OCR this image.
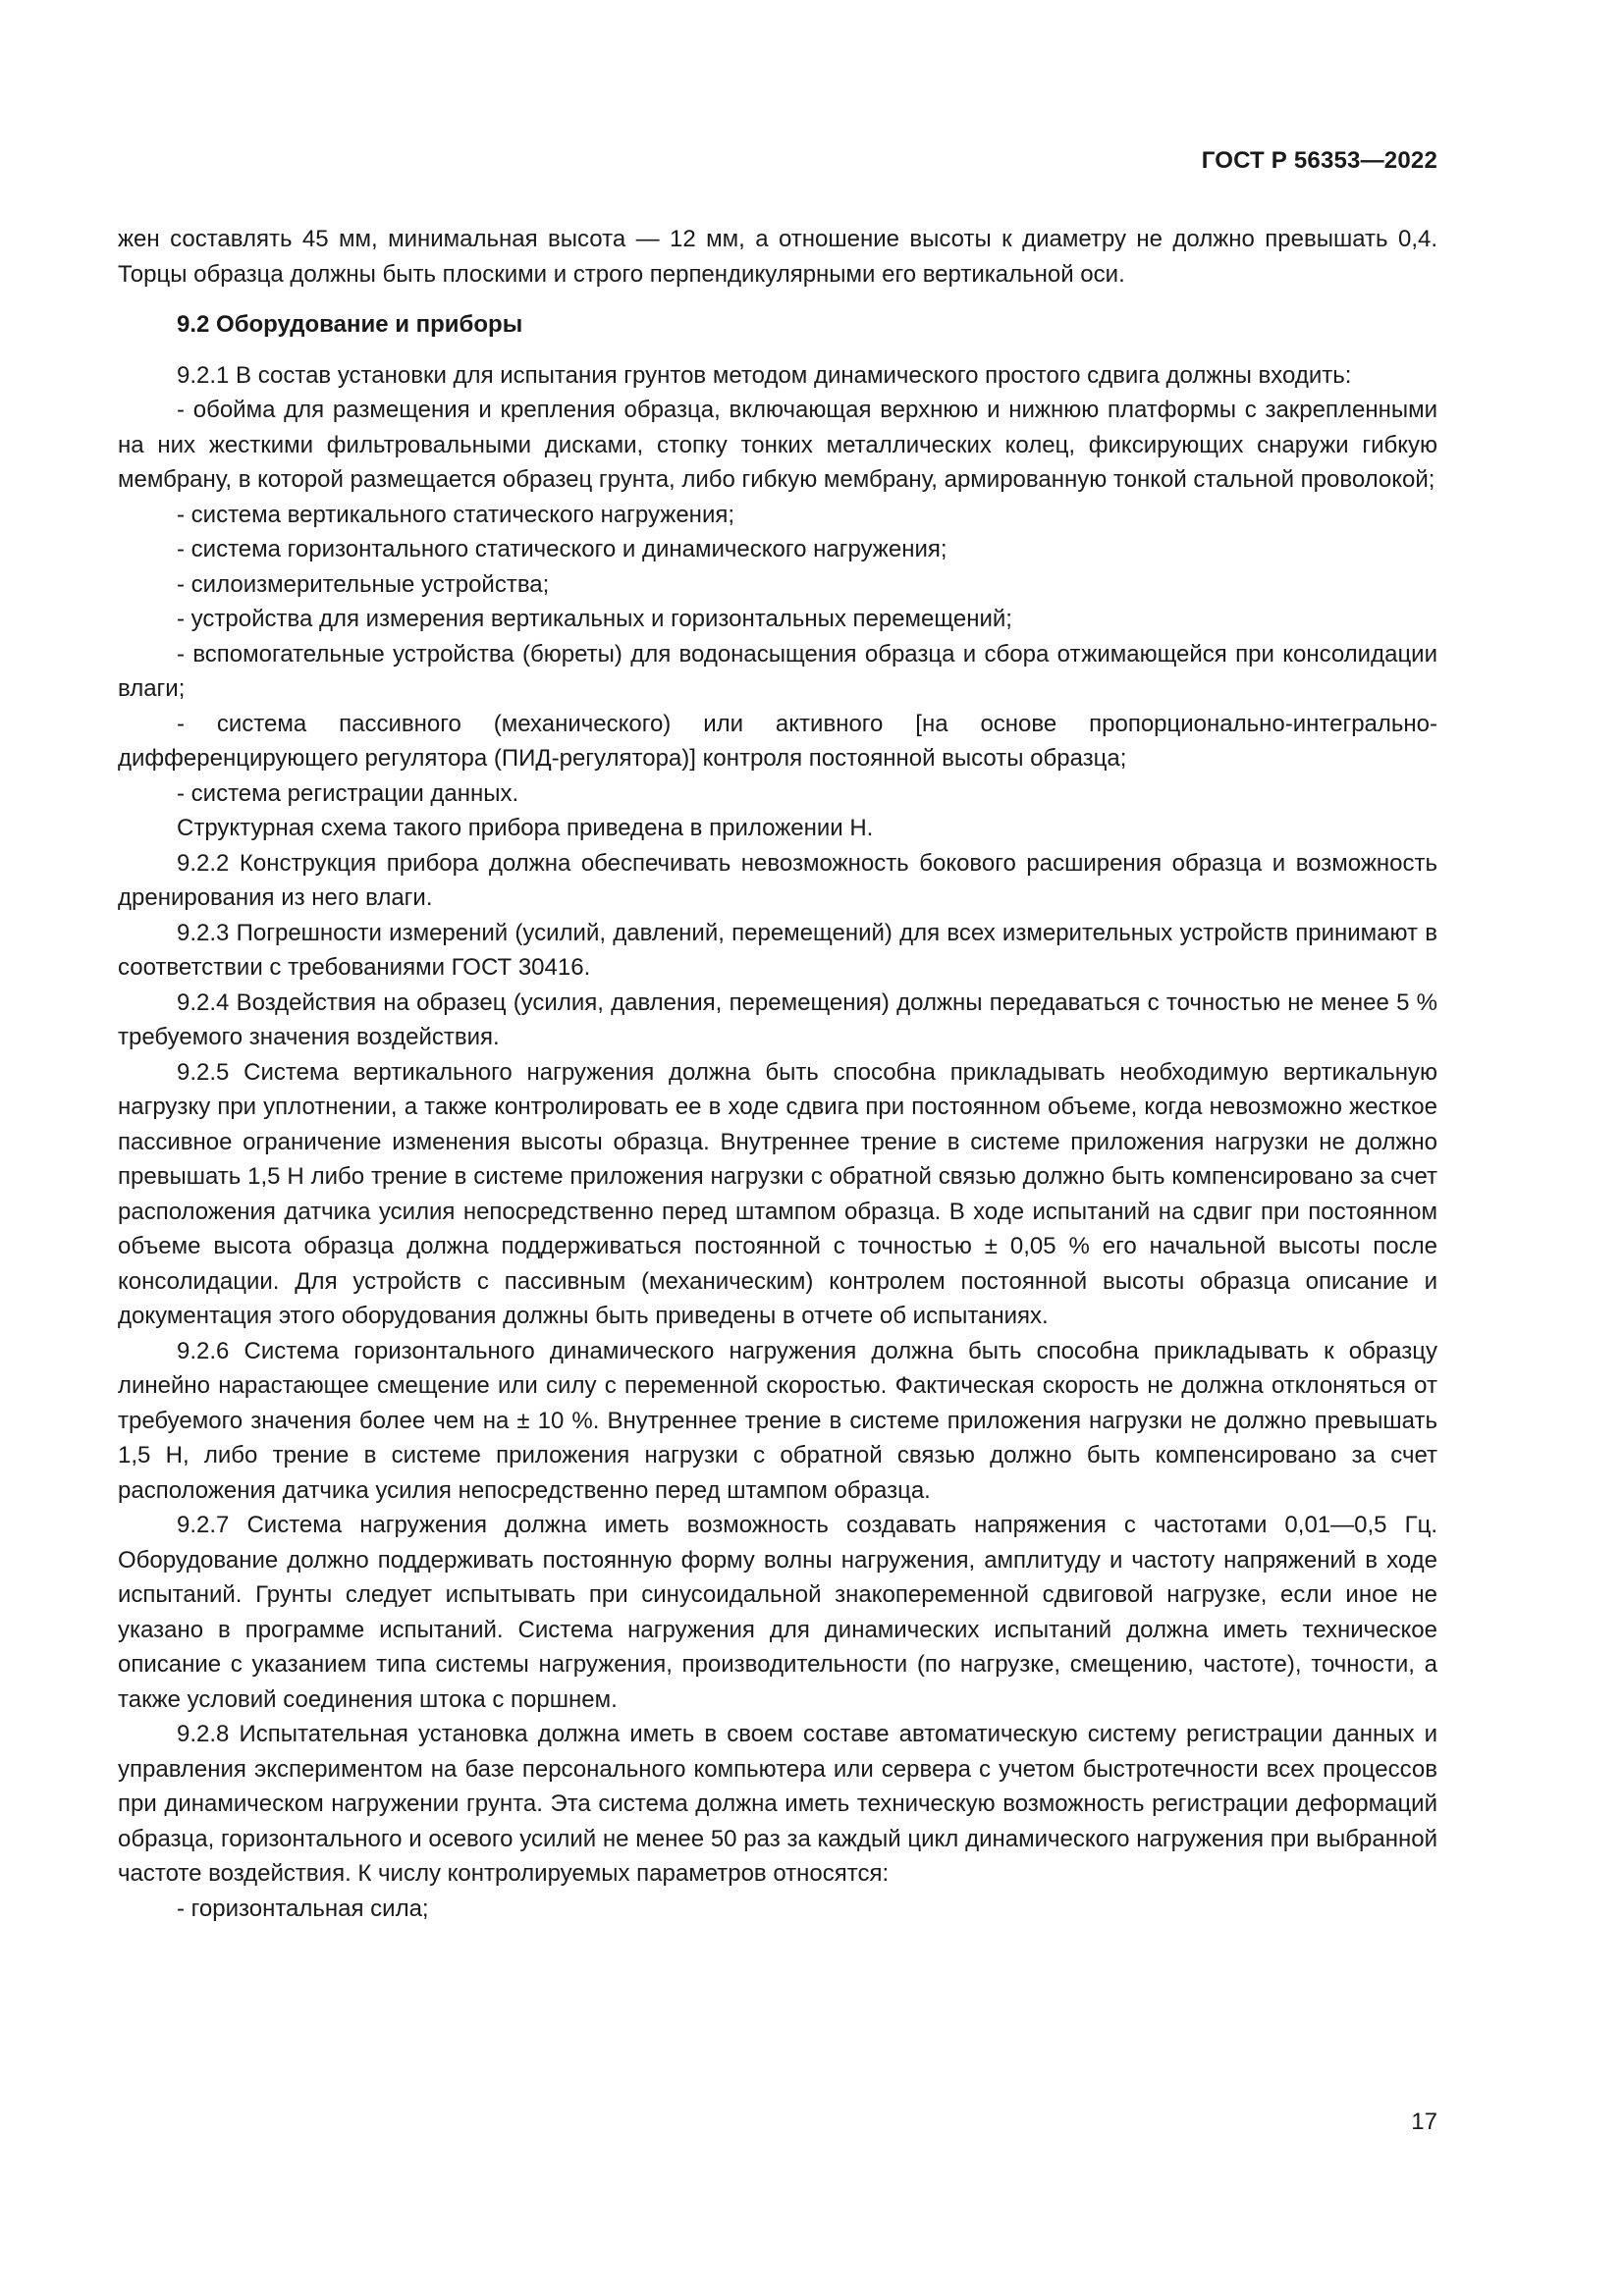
ГОСТ Р 56353—2022

жен составлять 45 мм, минимальная высота — 12 мм, а отношение высоты к диаметру не должно превышать 0,4. Торцы образца должны быть плоскими и строго перпендикулярными его вертикальной оси.

9.2 Оборудование и приборы

9.2.1 В состав установки для испытания грунтов методом динамического простого сдвига должны входить:

- обойма для размещения и крепления образца, включающая верхнюю и нижнюю платформы с закрепленными на них жесткими фильтровальными дисками, стопку тонких металлических колец, фиксирующих снаружи гибкую мембрану, в которой размещается образец грунта, либо гибкую мембрану, армированную тонкой стальной проволокой;

- система вертикального статического нагружения;

- система горизонтального статического и динамического нагружения;

- силоизмерительные устройства;

- устройства для измерения вертикальных и горизонтальных перемещений;

- вспомогательные устройства (бюреты) для водонасыщения образца и сбора отжимающейся при консолидации влаги;

- система пассивного (механического) или активного [на основе пропорционально-интегрально-дифференцирующего регулятора (ПИД-регулятора)] контроля постоянной высоты образца;

- система регистрации данных.

Структурная схема такого прибора приведена в приложении Н.

9.2.2 Конструкция прибора должна обеспечивать невозможность бокового расширения образца и возможность дренирования из него влаги.

9.2.3 Погрешности измерений (усилий, давлений, перемещений) для всех измерительных устройств принимают в соответствии с требованиями ГОСТ 30416.

9.2.4 Воздействия на образец (усилия, давления, перемещения) должны передаваться с точностью не менее 5 % требуемого значения воздействия.

9.2.5 Система вертикального нагружения должна быть способна прикладывать необходимую вертикальную нагрузку при уплотнении, а также контролировать ее в ходе сдвига при постоянном объеме, когда невозможно жесткое пассивное ограничение изменения высоты образца. Внутреннее трение в системе приложения нагрузки не должно превышать 1,5 Н либо трение в системе приложения нагрузки с обратной связью должно быть компенсировано за счет расположения датчика усилия непосредственно перед штампом образца. В ходе испытаний на сдвиг при постоянном объеме высота образца должна поддерживаться постоянной с точностью ± 0,05 % его начальной высоты после консолидации. Для устройств с пассивным (механическим) контролем постоянной высоты образца описание и документация этого оборудования должны быть приведены в отчете об испытаниях.

9.2.6 Система горизонтального динамического нагружения должна быть способна прикладывать к образцу линейно нарастающее смещение или силу с переменной скоростью. Фактическая скорость не должна отклоняться от требуемого значения более чем на ± 10 %. Внутреннее трение в системе приложения нагрузки не должно превышать 1,5 Н, либо трение в системе приложения нагрузки с обратной связью должно быть компенсировано за счет расположения датчика усилия непосредственно перед штампом образца.

9.2.7 Система нагружения должна иметь возможность создавать напряжения с частотами 0,01—0,5 Гц. Оборудование должно поддерживать постоянную форму волны нагружения, амплитуду и частоту напряжений в ходе испытаний. Грунты следует испытывать при синусоидальной знакопеременной сдвиговой нагрузке, если иное не указано в программе испытаний. Система нагружения для динамических испытаний должна иметь техническое описание с указанием типа системы нагружения, производительности (по нагрузке, смещению, частоте), точности, а также условий соединения штока с поршнем.

9.2.8 Испытательная установка должна иметь в своем составе автоматическую систему регистрации данных и управления экспериментом на базе персонального компьютера или сервера с учетом быстротечности всех процессов при динамическом нагружении грунта. Эта система должна иметь техническую возможность регистрации деформаций образца, горизонтального и осевого усилий не менее 50 раз за каждый цикл динамического нагружения при выбранной частоте воздействия. К числу контролируемых параметров относятся:

- горизонтальная сила;

17
